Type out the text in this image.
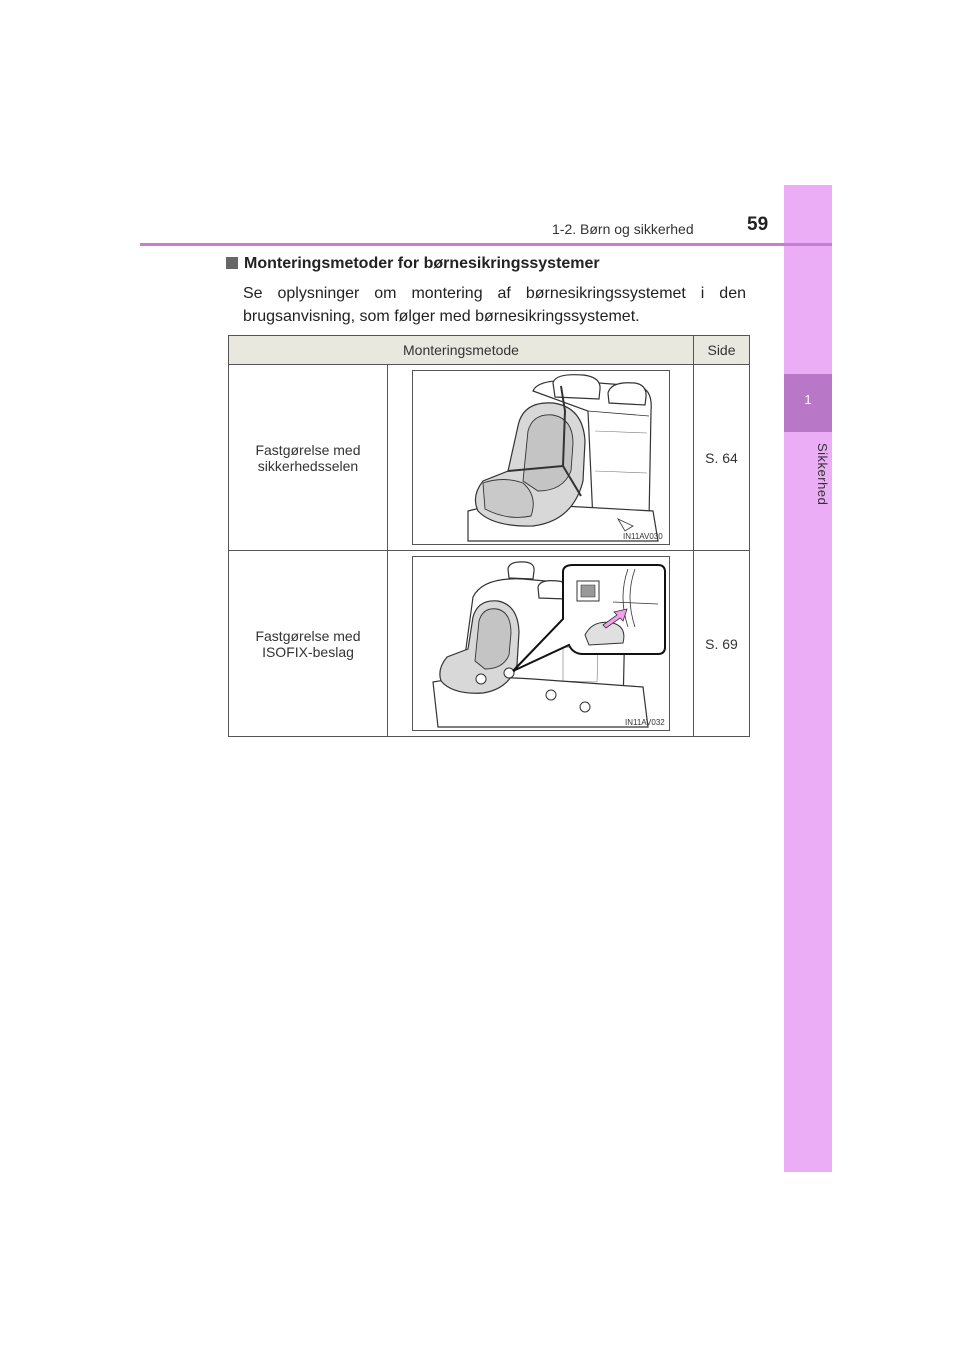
1
Sikkerhed
1-2. Børn og sikkerhed	59
Monteringsmetoder for børnesikringssystemer
Se oplysninger om montering af børnesikringssystemet i den brugsanvisning, som følger med børnesikringssystemet.
Monteringsmetode		Side
Fastgørelse med sikkerhedsselen	IN11AV030	S. 64
Fastgørelse med ISOFIX-beslag	IN11AV032	S. 69
